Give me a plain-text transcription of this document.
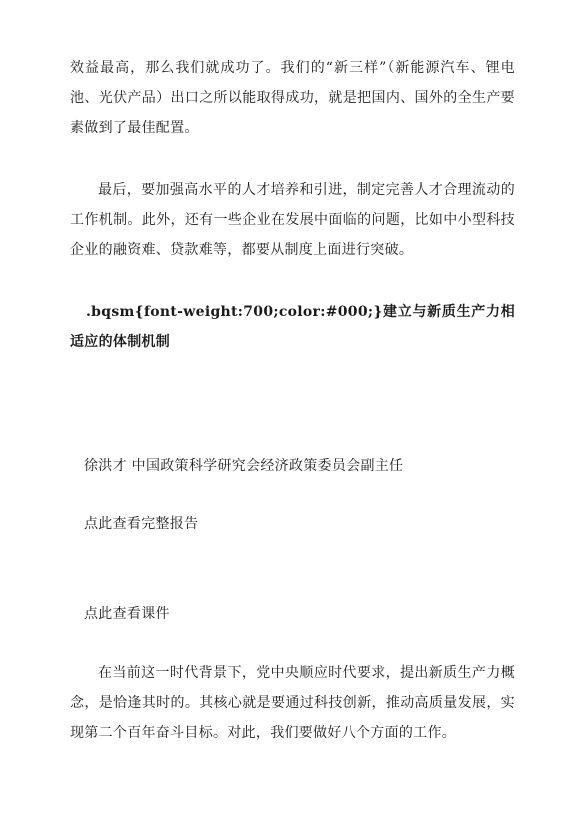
效益最高，那么我们就成功了。我们的“新三样”（新能源汽车、锂电池、光伏产品）出口之所以能取得成功，就是把国内、国外的全生产要素做到了最佳配置。

最后，要加强高水平的人才培养和引进，制定完善人才合理流动的工作机制。此外，还有一些企业在发展中面临的问题，比如中小型科技企业的融资难、贷款难等，都要从制度上面进行突破。

.bqsm{font-weight:700;color:#000;}建立与新质生产力相适应的体制机制

徐洪才 中国政策科学研究会经济政策委员会副主任

点此查看完整报告

点此查看课件

在当前这一时代背景下，党中央顺应时代要求，提出新质生产力概念，是恰逢其时的。其核心就是要通过科技创新，推动高质量发展，实现第二个百年奋斗目标。对此，我们要做好八个方面的工作。
